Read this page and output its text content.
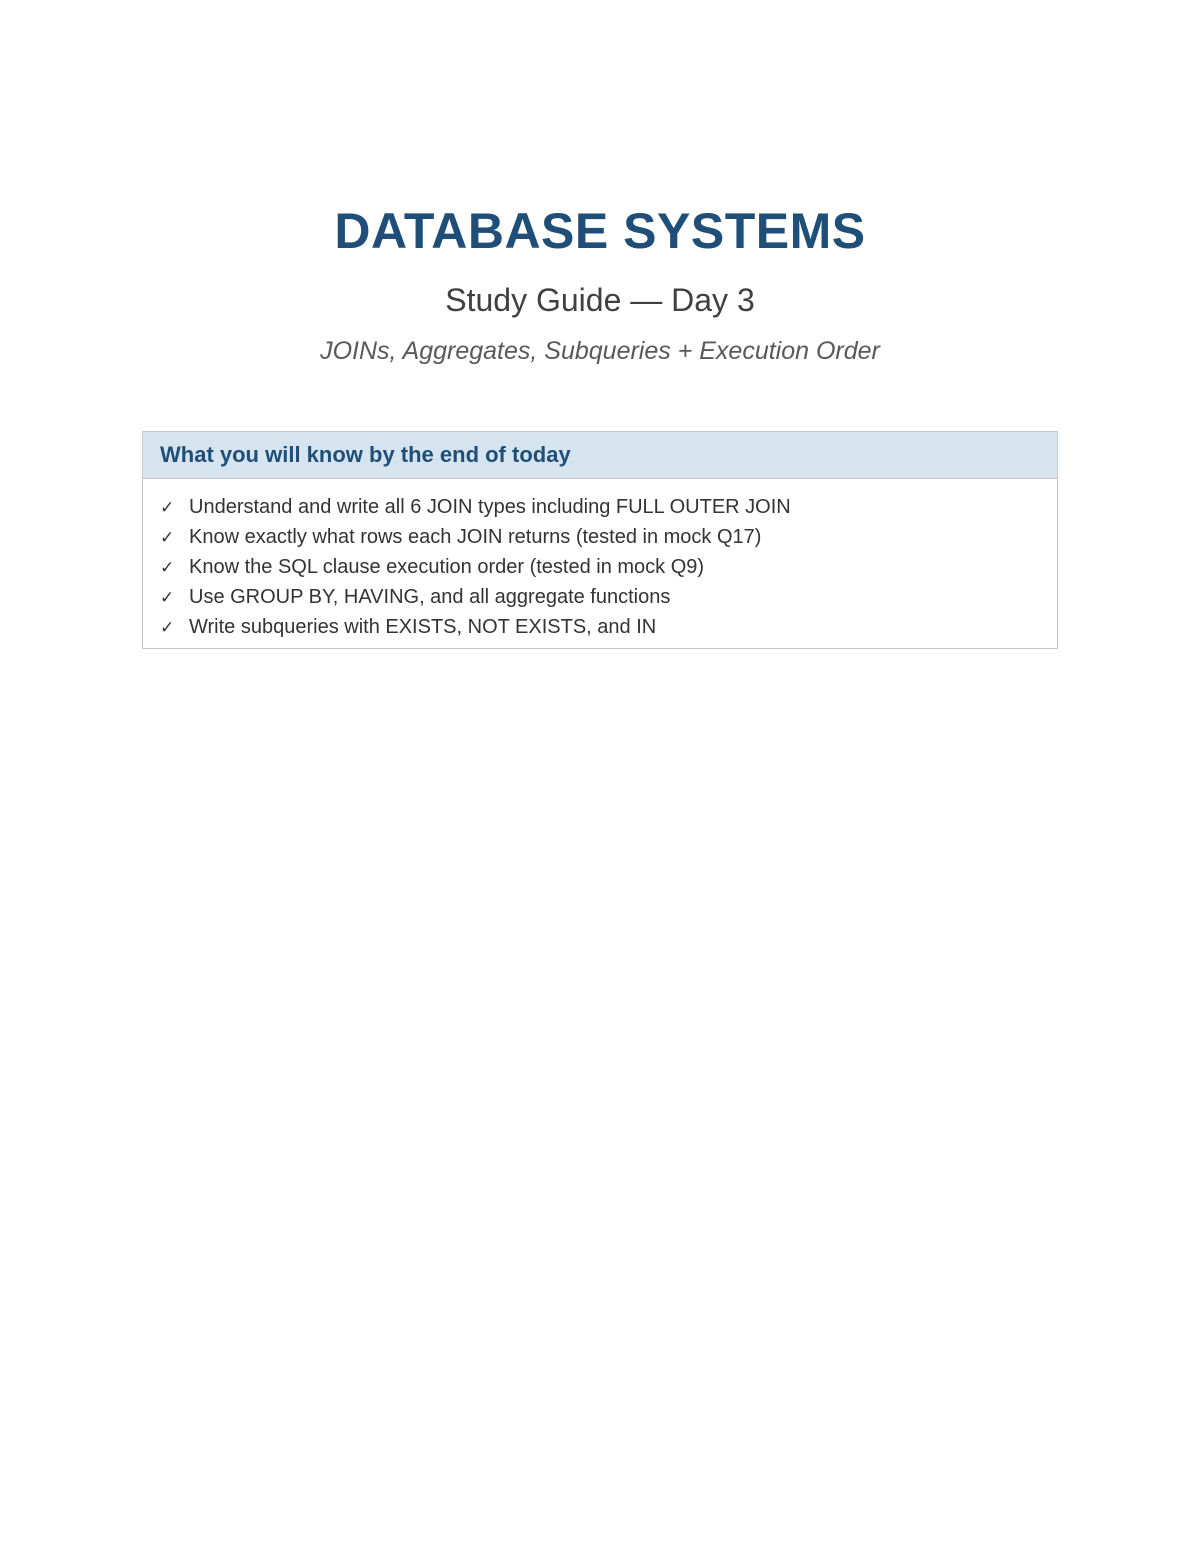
DATABASE SYSTEMS
Study Guide — Day 3
JOINs, Aggregates, Subqueries + Execution Order
What you will know by the end of today
✓ Understand and write all 6 JOIN types including FULL OUTER JOIN
✓ Know exactly what rows each JOIN returns (tested in mock Q17)
✓ Know the SQL clause execution order (tested in mock Q9)
✓ Use GROUP BY, HAVING, and all aggregate functions
✓ Write subqueries with EXISTS, NOT EXISTS, and IN
